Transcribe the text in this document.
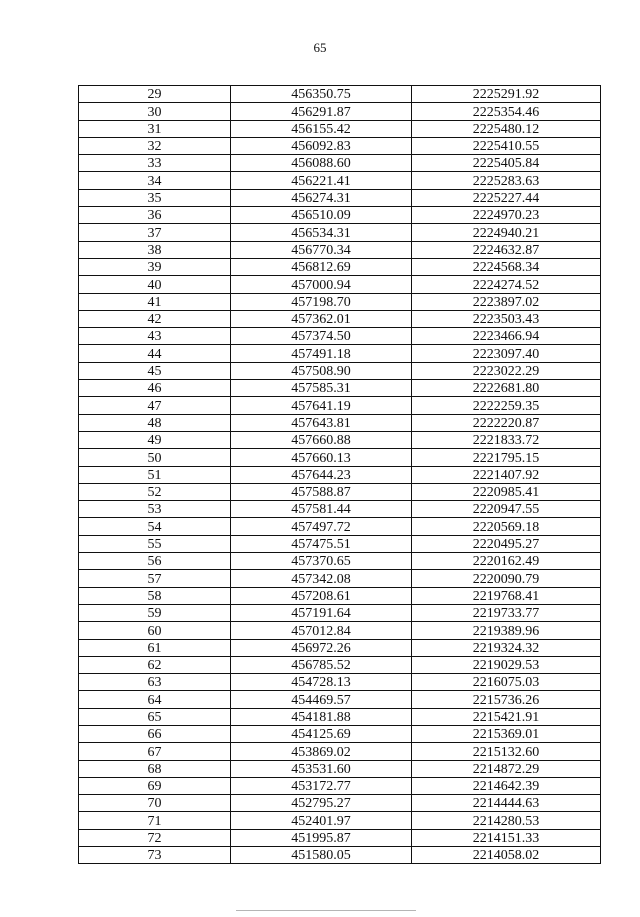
65
29	456350.75	2225291.92
30	456291.87	2225354.46
31	456155.42	2225480.12
32	456092.83	2225410.55
33	456088.60	2225405.84
34	456221.41	2225283.63
35	456274.31	2225227.44
36	456510.09	2224970.23
37	456534.31	2224940.21
38	456770.34	2224632.87
39	456812.69	2224568.34
40	457000.94	2224274.52
41	457198.70	2223897.02
42	457362.01	2223503.43
43	457374.50	2223466.94
44	457491.18	2223097.40
45	457508.90	2223022.29
46	457585.31	2222681.80
47	457641.19	2222259.35
48	457643.81	2222220.87
49	457660.88	2221833.72
50	457660.13	2221795.15
51	457644.23	2221407.92
52	457588.87	2220985.41
53	457581.44	2220947.55
54	457497.72	2220569.18
55	457475.51	2220495.27
56	457370.65	2220162.49
57	457342.08	2220090.79
58	457208.61	2219768.41
59	457191.64	2219733.77
60	457012.84	2219389.96
61	456972.26	2219324.32
62	456785.52	2219029.53
63	454728.13	2216075.03
64	454469.57	2215736.26
65	454181.88	2215421.91
66	454125.69	2215369.01
67	453869.02	2215132.60
68	453531.60	2214872.29
69	453172.77	2214642.39
70	452795.27	2214444.63
71	452401.97	2214280.53
72	451995.87	2214151.33
73	451580.05	2214058.02
